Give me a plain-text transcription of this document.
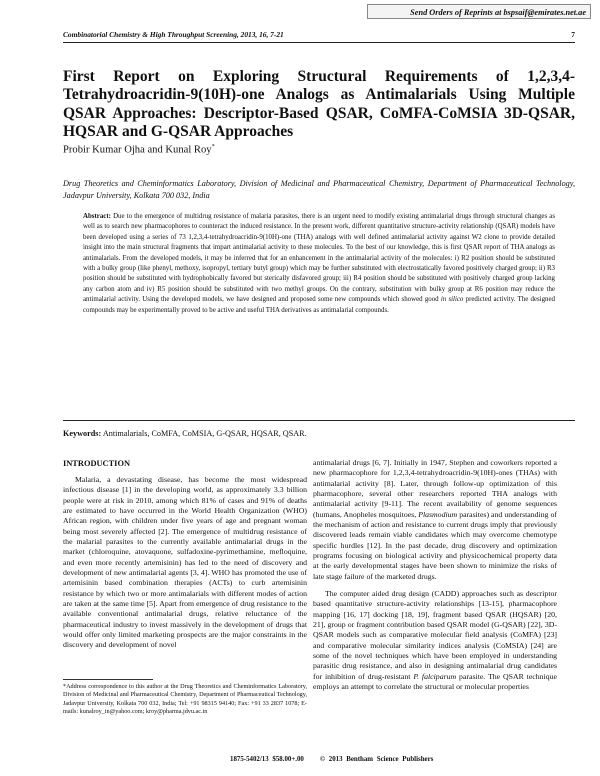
Send Orders of Reprints at bspsaif@emirates.net.ae
Combinatorial Chemistry & High Throughput Screening, 2013, 16, 7-21	7
First Report on Exploring Structural Requirements of 1,2,3,4-Tetrahydroacridin-9(10H)-one Analogs as Antimalarials Using Multiple QSAR Approaches: Descriptor-Based QSAR, CoMFA-CoMSIA 3D-QSAR, HQSAR and G-QSAR Approaches
Probir Kumar Ojha and Kunal Roy*
Drug Theoretics and Cheminformatics Laboratory, Division of Medicinal and Pharmaceutical Chemistry, Department of Pharmaceutical Technology, Jadavpur University, Kolkata 700 032, India
Abstract: Due to the emergence of multidrug resistance of malaria parasites, there is an urgent need to modify existing antimalarial drugs through structural changes as well as to search new pharmacophores to counteract the induced resistance. In the present work, different quantitative structure-activity relationship (QSAR) models have been developed using a series of 73 1,2,3,4-tetrahydroacridin-9(10H)-one (THA) analogs with well defined antimalarial activity against W2 clone to provide detailed insight into the main structural fragments that impart antimalarial activity to these molecules. To the best of our knowledge, this is first QSAR report of THA analogs as antimalarials. From the developed models, it may be inferred that for an enhancement in the antimalarial activity of the molecules: i) R2 position should be substituted with a bulky group (like phenyl, methoxy, isopropyl, tertiary butyl group) which may be further substituted with electrostatically favored positively charged group; ii) R3 position should be substituted with hydrophobically favored but sterically disfavored group; iii) R4 position should be substituted with positively charged group lacking any carbon atom and iv) R5 position should be substituted with two methyl groups. On the contrary, substitution with bulky group at R6 position may reduce the antimalarial activity. Using the developed models, we have designed and proposed some new compounds which showed good in silico predicted activity. The designed compounds may be experimentally proved to be active and useful THA derivatives as antimalarial compounds.
Keywords: Antimalarials, CoMFA, CoMSIA, G-QSAR, HQSAR, QSAR.
INTRODUCTION

Malaria, a devastating disease, has become the most widespread infectious disease [1] in the developing world, as approximately 3.3 billion people were at risk in 2010, among which 81% of cases and 91% of deaths are estimated to have occurred in the World Health Organization (WHO) African region, with children under five years of age and pregnant woman being most severely affected [2]. The emergence of multidrug resistance of the malarial parasites to the currently available antimalarial drugs in the market (chloroquine, atovaquone, sulfadoxine-pyrimethamine, mefloquine, and even more recently artemisinin) has led to the need of discovery and development of new antimalarial agents [3, 4]. WHO has promoted the use of artemisinin based combination therapies (ACTs) to curb artemisinin resistance by which two or more antimalarials with different modes of action are taken at the same time [5]. Apart from emergence of drug resistance to the available conventional antimalarial drugs, relative reluctance of the pharmaceutical industry to invest massively in the development of drugs that would offer only limited marketing prospects are the major constraints in the discovery and development of novel

antimalarial drugs [6, 7]. Initially in 1947, Stephen and coworkers reported a new pharmacophore for 1,2,3,4-tetrahydroacridin-9(10H)-ones (THAs) with antimalarial activity [8]. Later, through follow-up optimization of this pharmacophore, several other researchers reported THA analogs with antimalarial activity [9-11]. The recent availability of genome sequences (humans, Anopheles mosquitoes, Plasmodium parasites) and understanding of the mechanism of action and resistance to current drugs imply that previously discovered leads remain viable candidates which may overcome chemotype specific hurdles [12]. In the past decade, drug discovery and optimization programs focusing on biological activity and physicochemical property data at the early developmental stages have been shown to minimize the risks of late stage failure of the marketed drugs.

The computer aided drug design (CADD) approaches such as descriptor based quantitative structure-activity relationships [13-15], pharmacophore mapping [16, 17] docking [18, 19], fragment based QSAR (HQSAR) [20, 21], group or fragment contribution based QSAR model (G-QSAR) [22], 3D-QSAR models such as comparative molecular field analysis (CoMFA) [23] and comparative molecular similarity indices analysis (CoMSIA) [24] are some of the novel techniques which have been employed in understanding parasitic drug resistance, and also in designing antimalarial drug candidates for inhibition of drug-resistant P. falciparum parasite. The QSAR technique employs an attempt to correlate the structural or molecular properties

*Address correspondence to this author at the Drug Theoretics and Cheminformatics Laboratory, Division of Medicinal and Pharmaceutical Chemistry, Department of Pharmaceutical Technology, Jadavpur University, Kolkata 700 032, India; Tel: +91 98315 94140; Fax: +91 33 2837 1078; E-mails: kunalroy_in@yahoo.com; kroy@pharma.jdvu.ac.in
1875-5402/13 $58.00+.00 © 2013 Bentham Science Publishers
